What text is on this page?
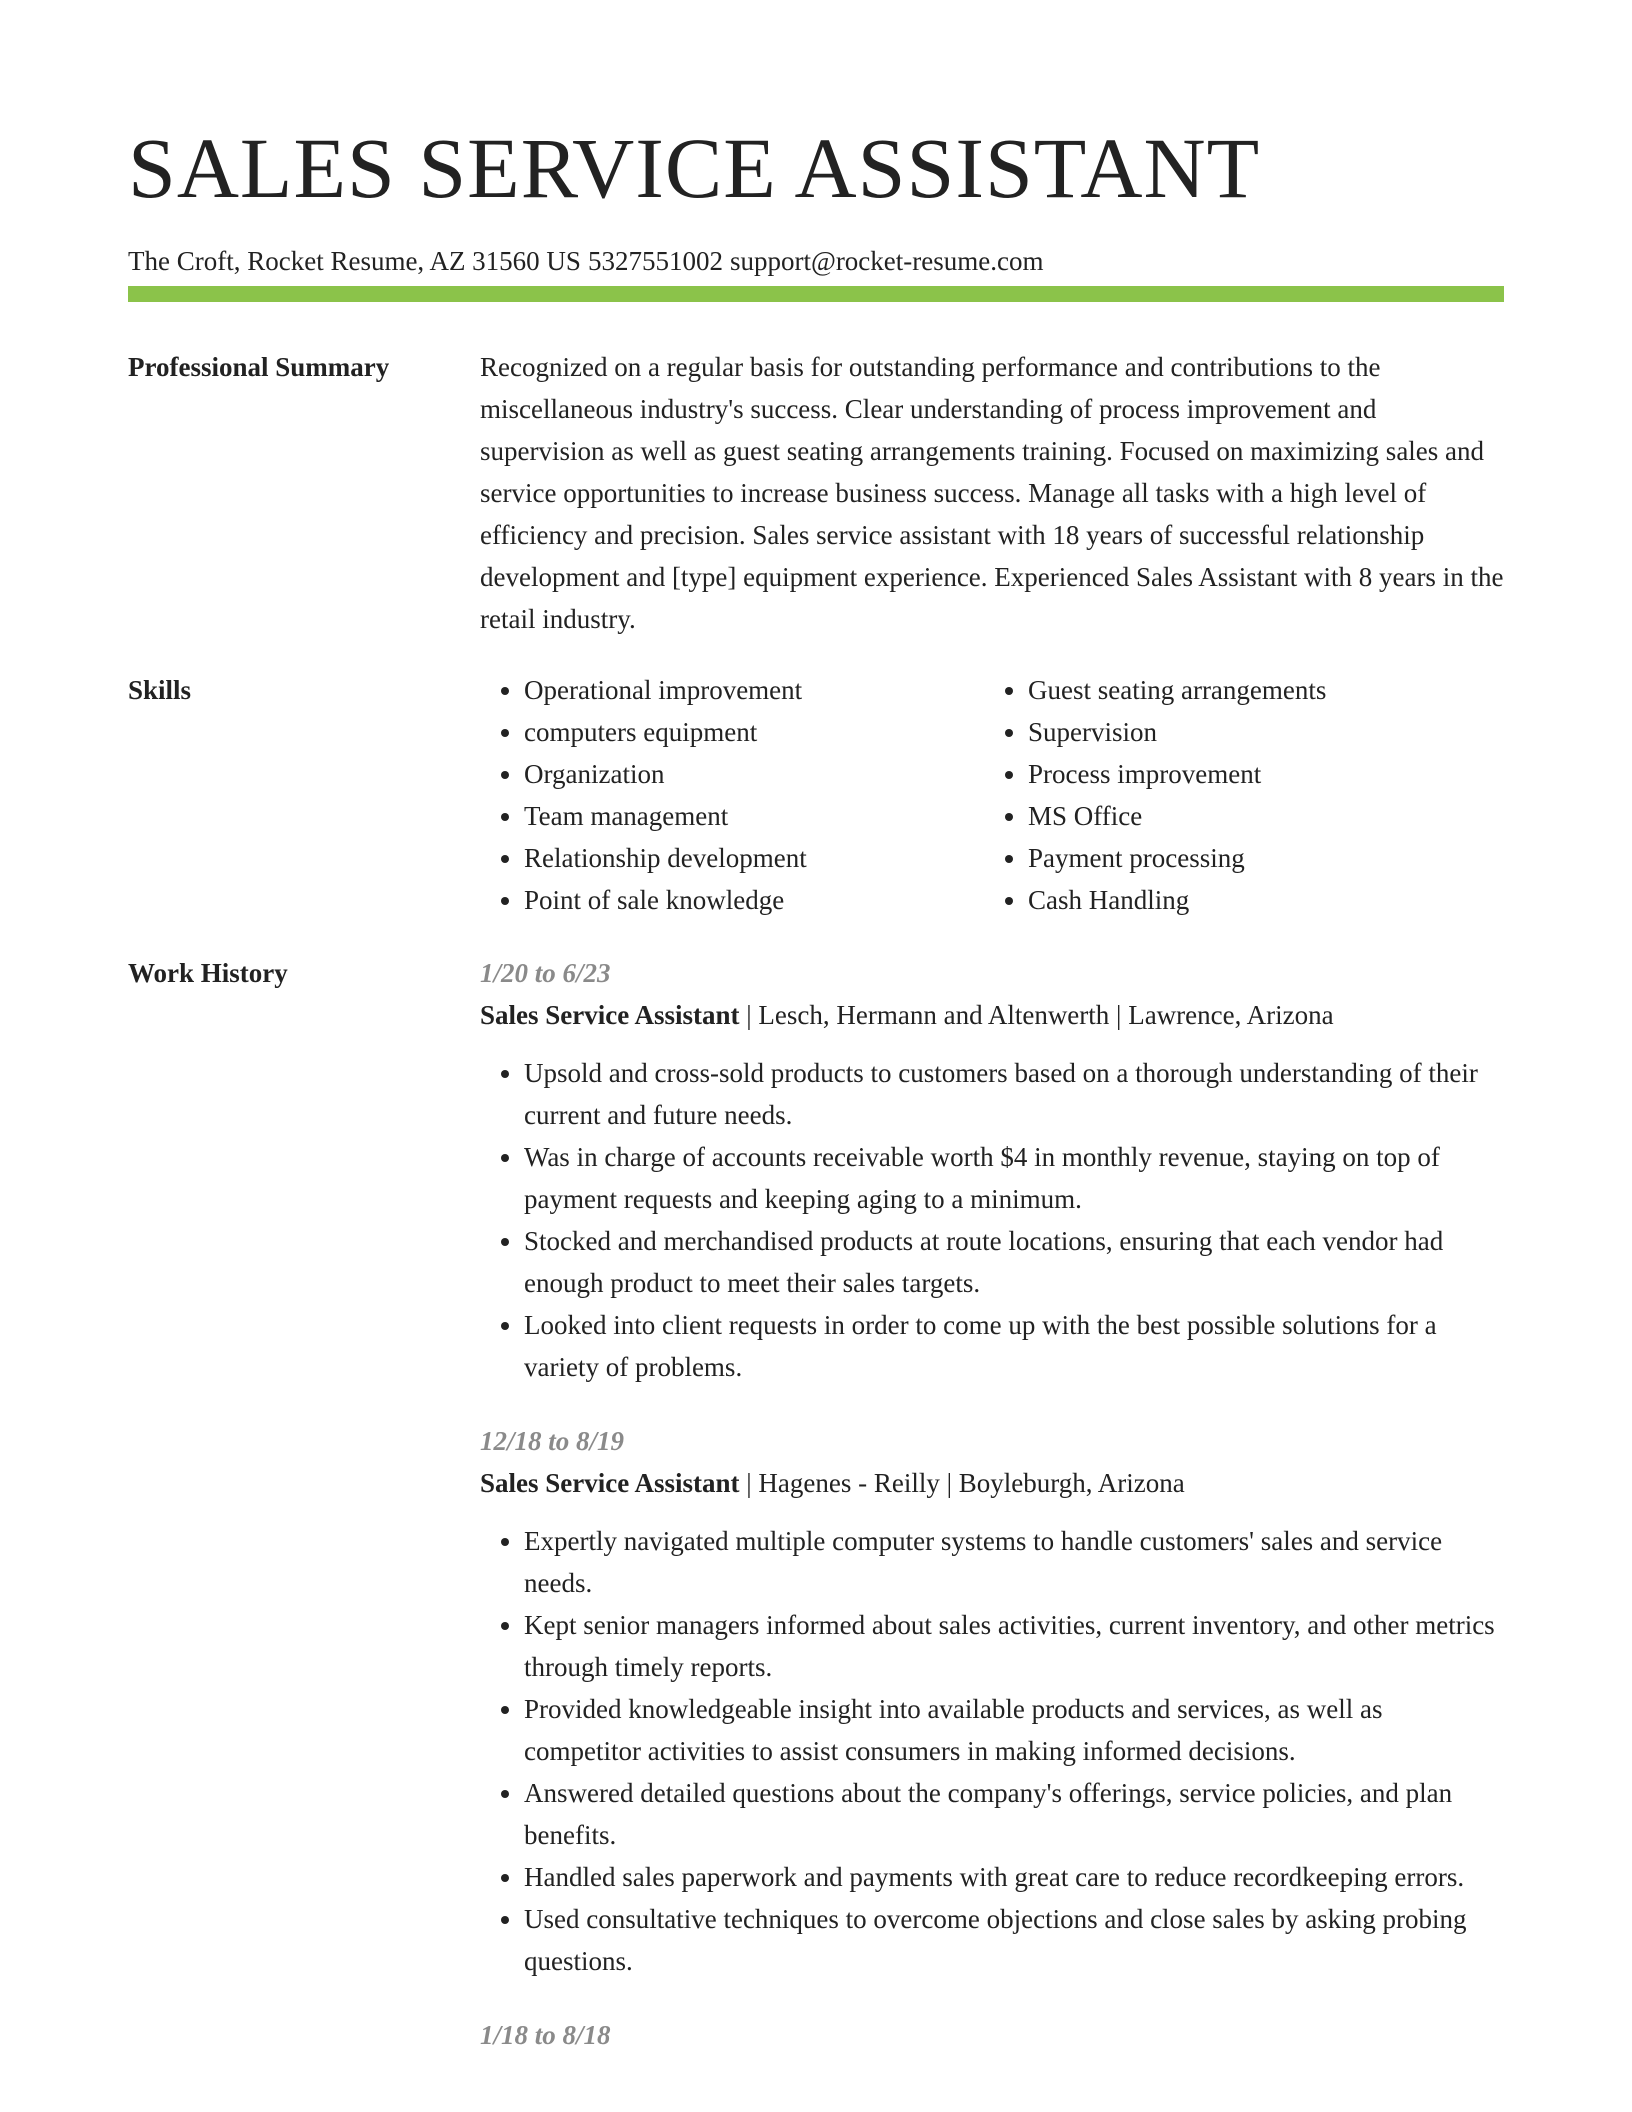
SALES SERVICE ASSISTANT
The Croft, Rocket Resume, AZ 31560 US 5327551002 support@rocket-resume.com
Professional Summary	Recognized on a regular basis for outstanding performance and contributions to the miscellaneous industry's success. Clear understanding of process improvement and supervision as well as guest seating arrangements training. Focused on maximizing sales and service opportunities to increase business success. Manage all tasks with a high level of efficiency and precision. Sales service assistant with 18 years of successful relationship development and [type] equipment experience. Experienced Sales Assistant with 8 years in the retail industry.

Skills
•	Operational improvement
• computers equipment
• Organization
• Team management
• Relationship development
• Point of sale knowledge
• Guest seating arrangements
• Supervision
• Process improvement
• MS Office
• Payment processing
• Cash Handling
Work History	1/20 to 6/23
Sales Service Assistant | Lesch, Hermann and Altenwerth | Lawrence, Arizona
• Upsold and cross-sold products to customers based on a thorough understanding of their current and future needs.
• Was in charge of accounts receivable worth $4 in monthly revenue, staying on top of payment requests and keeping aging to a minimum.
• Stocked and merchandised products at route locations, ensuring that each vendor had enough product to meet their sales targets.
• Looked into client requests in order to come up with the best possible solutions for a variety of problems.
12/18 to 8/19
Sales Service Assistant | Hagenes - Reilly | Boyleburgh, Arizona
• Expertly navigated multiple computer systems to handle customers' sales and service needs.
• Kept senior managers informed about sales activities, current inventory, and other metrics through timely reports.
• Provided knowledgeable insight into available products and services, as well as competitor activities to assist consumers in making informed decisions.
• Answered detailed questions about the company's offerings, service policies, and plan benefits.
• Handled sales paperwork and payments with great care to reduce recordkeeping errors.
• Used consultative techniques to overcome objections and close sales by asking probing questions.
1/18 to 8/18
